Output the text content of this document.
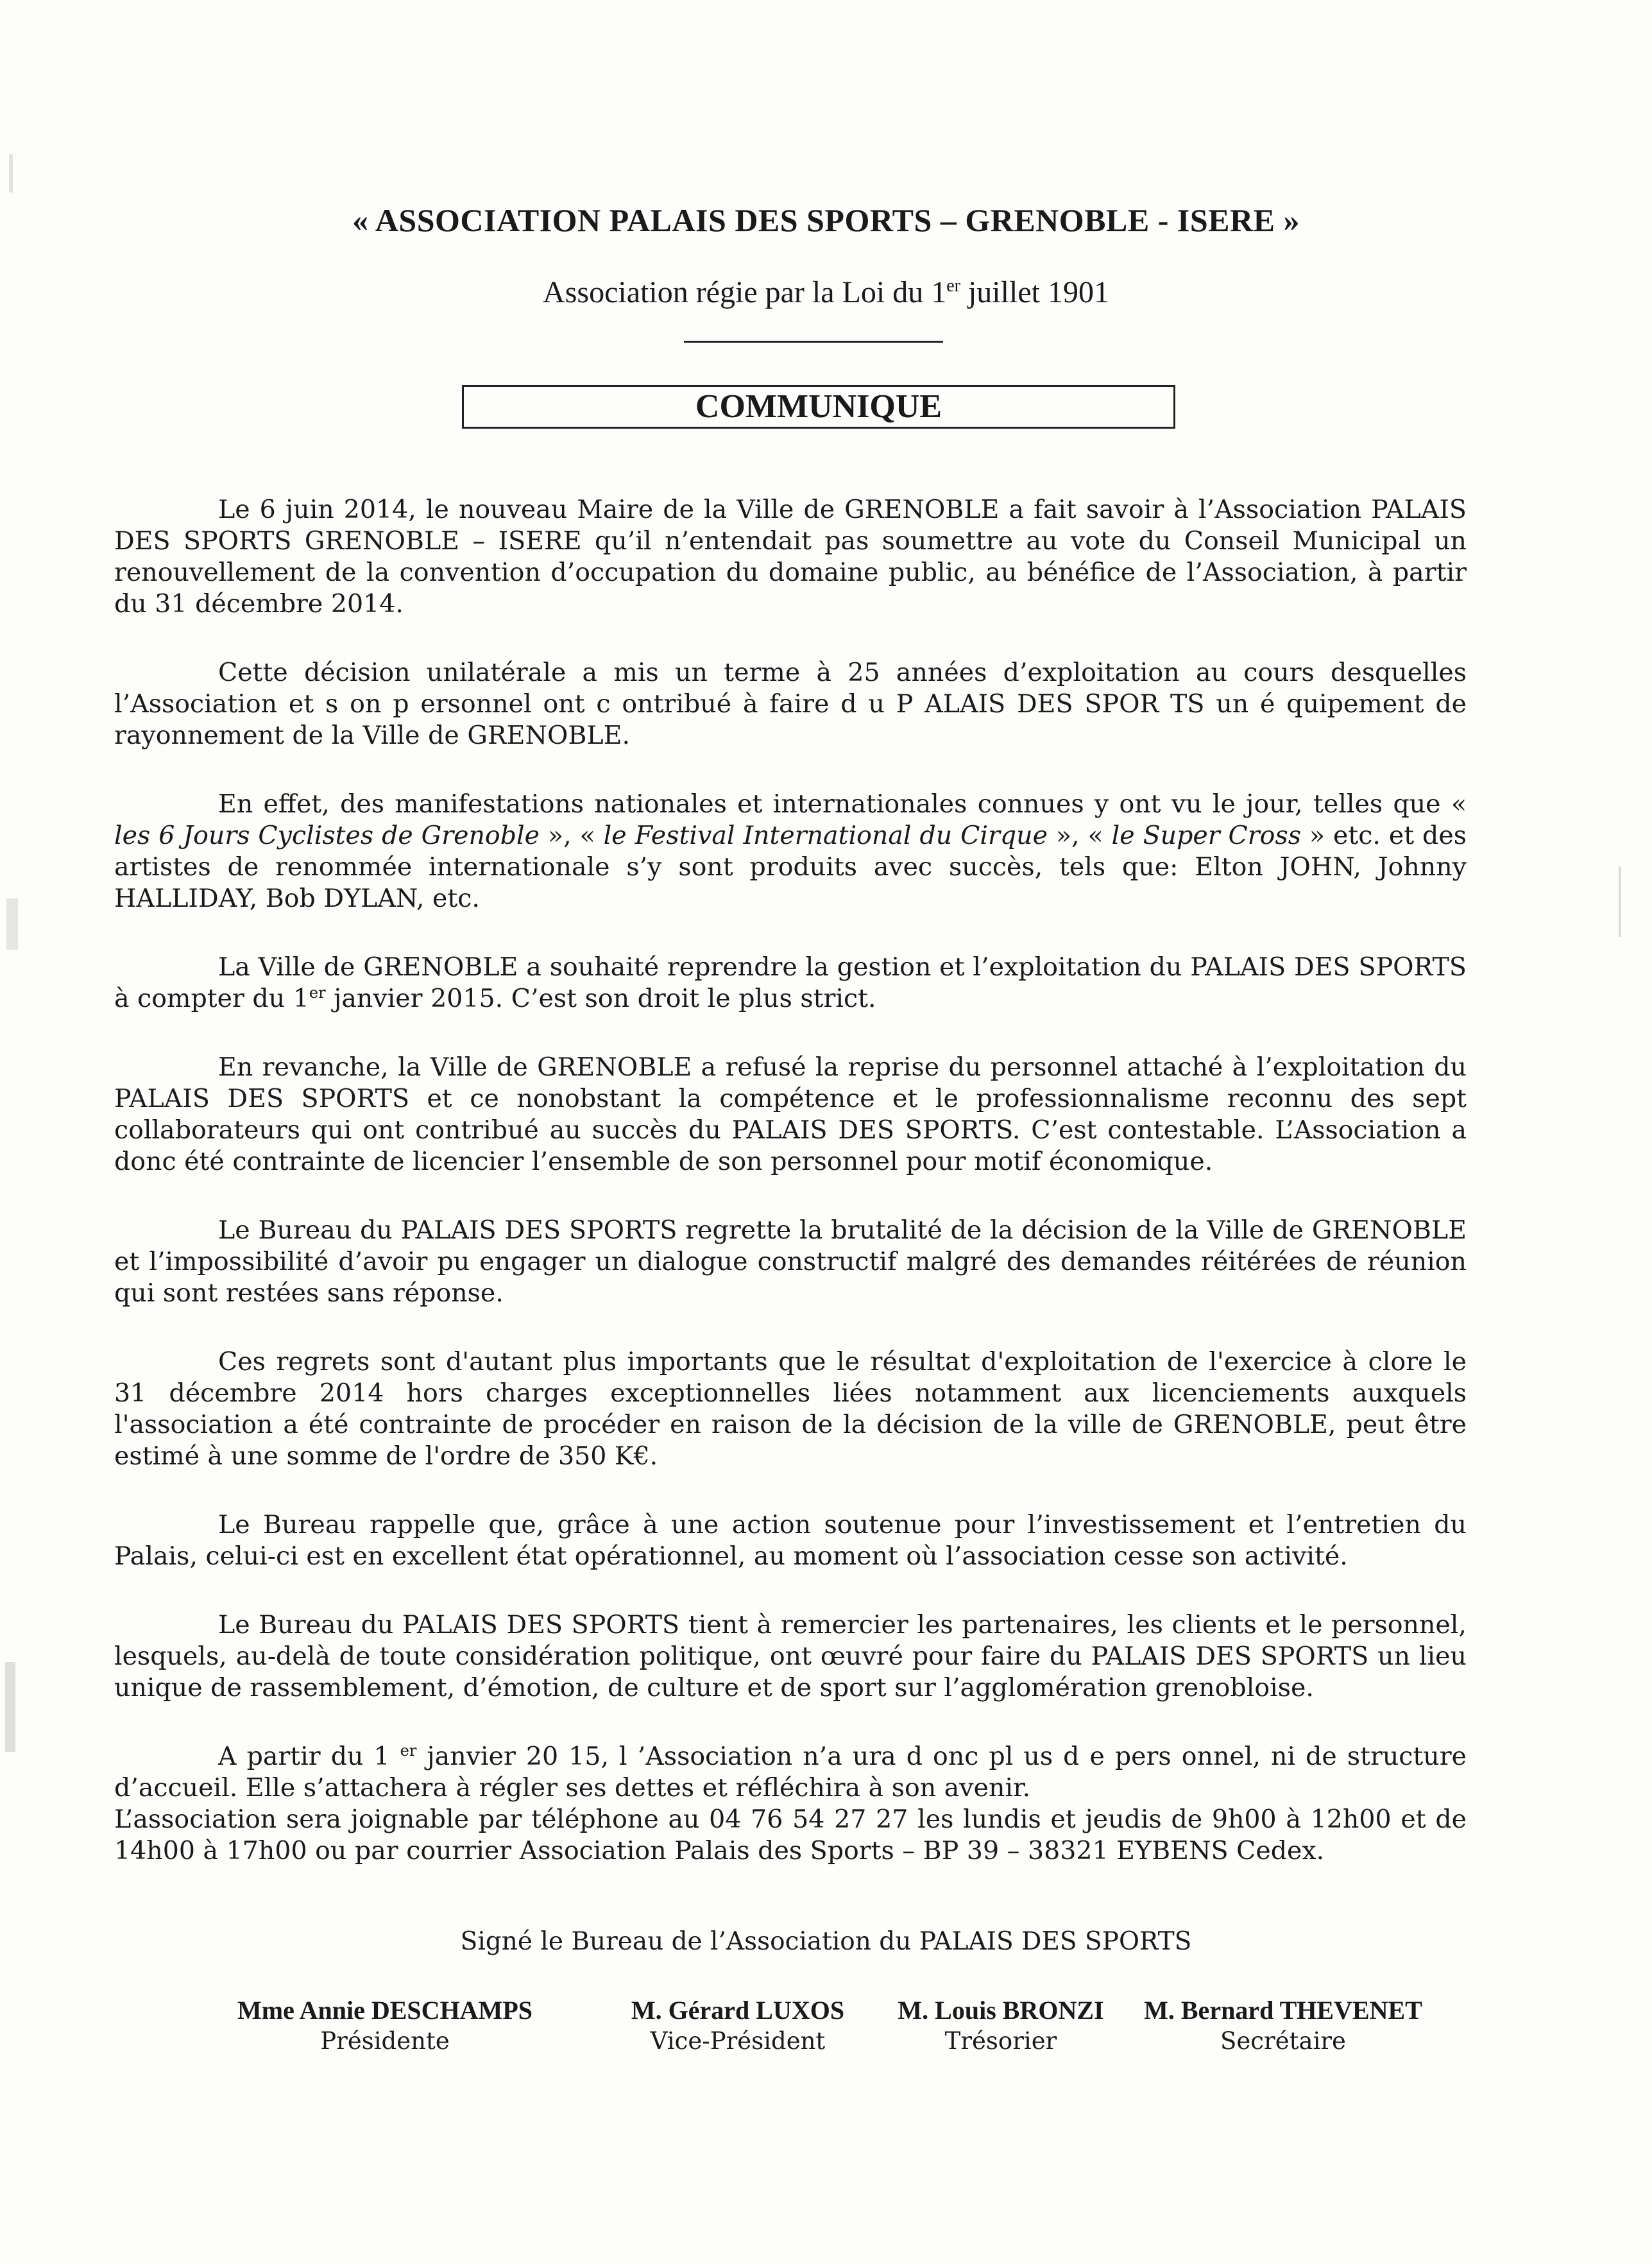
« ASSOCIATION PALAIS DES SPORTS – GRENOBLE - ISERE »
Association régie par la Loi du 1er juillet 1901
COMMUNIQUE

Le 6 juin 2014, le nouveau Maire de la Ville de GRENOBLE a fait savoir à l’Association PALAIS DES SPORTS GRENOBLE – ISERE qu’il n’entendait pas soumettre au vote du Conseil Municipal un renouvellement de la convention d’occupation du domaine public, au bénéfice de l’Association, à partir du 31 décembre 2014.

Cette décision unilatérale a mis un terme à 25 années d’exploitation au cours desquelles l’Association et s on p ersonnel ont c ontribué à faire d u P ALAIS DES SPOR TS un é quipement de rayonnement de la Ville de GRENOBLE.

En effet, des manifestations nationales et internationales connues y ont vu le jour, telles que « les 6 Jours Cyclistes de Grenoble », « le Festival International du Cirque », « le Super Cross » etc. et des artistes de renommée internationale s’y sont produits avec succès, tels que: Elton JOHN, Johnny HALLIDAY, Bob DYLAN, etc.

La Ville de GRENOBLE a souhaité reprendre la gestion et l’exploitation du PALAIS DES SPORTS à compter du 1er janvier 2015. C’est son droit le plus strict.

En revanche, la Ville de GRENOBLE a refusé la reprise du personnel attaché à l’exploitation du PALAIS DES SPORTS et ce nonobstant la compétence et le professionnalisme reconnu des sept collaborateurs qui ont contribué au succès du PALAIS DES SPORTS. C’est contestable. L’Association a donc été contrainte de licencier l’ensemble de son personnel pour motif économique.

Le Bureau du PALAIS DES SPORTS regrette la brutalité de la décision de la Ville de GRENOBLE et l’impossibilité d’avoir pu engager un dialogue constructif malgré des demandes réitérées de réunion qui sont restées sans réponse.

Ces regrets sont d'autant plus importants que le résultat d'exploitation de l'exercice à clore le 31 décembre 2014 hors charges exceptionnelles liées notamment aux licenciements auxquels l'association a été contrainte de procéder en raison de la décision de la ville de GRENOBLE, peut être estimé à une somme de l'ordre de 350 K€.

Le Bureau rappelle que, grâce à une action soutenue pour l’investissement et l’entretien du Palais, celui-ci est en excellent état opérationnel, au moment où l’association cesse son activité.

Le Bureau du PALAIS DES SPORTS tient à remercier les partenaires, les clients et le personnel, lesquels, au-delà de toute considération politique, ont œuvré pour faire du PALAIS DES SPORTS un lieu unique de rassemblement, d’émotion, de culture et de sport sur l’agglomération grenobloise.

A partir du 1 $^{er}$ janvier 20 15, l ’Association n’a ura d onc pl us d e pers onnel, ni de structure d’accueil. Elle s’attachera à régler ses dettes et réfléchira à son avenir.

L’association sera joignable par téléphone au 04 76 54 27 27 les lundis et jeudis de 9h00 à 12h00 et de 14h00 à 17h00 ou par courrier Association Palais des Sports – BP 39 – 38321 EYBENS Cedex.

Signé le Bureau de l’Association du PALAIS DES SPORTS
Mme Annie DESCHAMPS
Présidente
M. Gérard LUXOS
Vice-Président
M. Louis BRONZI
Trésorier
M. Bernard THEVENET
Secrétaire
